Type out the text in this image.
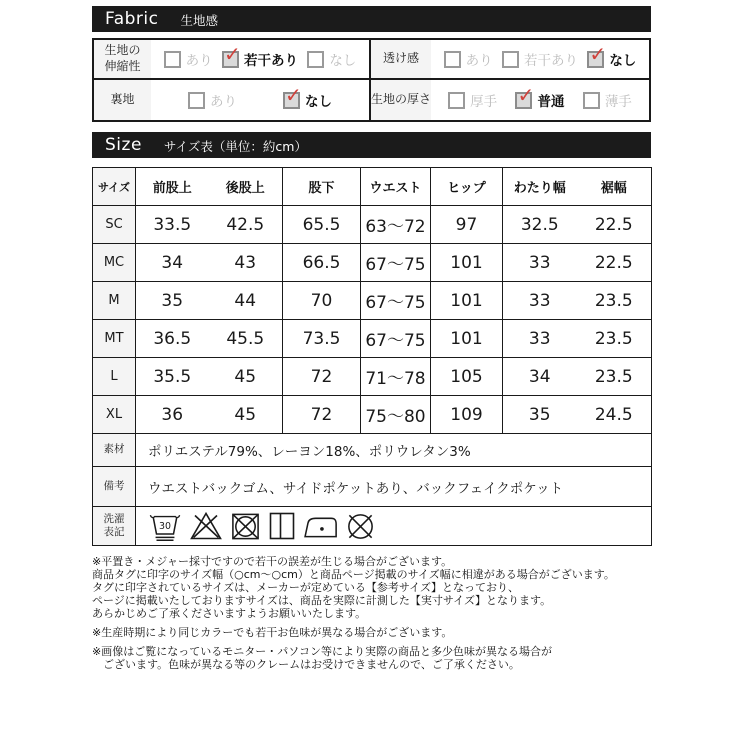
Fabric 生地感
生地の
伸縮性	あり ✓ 若干あり なし 透け感	あり 若干あり ✓ なし
裏地	あり ✓ なし	生地の厚さ	厚手 ✓ 普通	薄手
Size サイズ表（単位：約cm）
サイズ	前股上	後股上	股下	ウエスト	ヒップ	わたり幅	裾幅
SC	33.5	42.5	65.5	63～72	97	32.5	22.5
MC	34	43	66.5	67～75	101	33	22.5
M	35	44	70	67～75	101	33	23.5
MT	36.5	45.5	73.5	67～75	101	33	23.5
L	35.5	45	72	71～78	105	34	23.5
XL	36	45	72	75～80	109	35	24.5
素材	ポリエステル79%、レーヨン18%、ポリウレタン3%						
備考	ウエストバックゴム、サイドポケットあり、バックフェイクポケット						
洗濯
表記	30						

※平置き・メジャー採寸ですので若干の誤差が生じる場合がございます。
商品タグに印字のサイズ幅（○cm～○cm）と商品ページ掲載のサイズ幅に相違がある場合がございます。
タグに印字されているサイズは、メーカーが定めている【参考サイズ】となっており、
ページに掲載いたしておりますサイズは、商品を実際に計測した【実寸サイズ】となります。
あらかじめご了承くださいますようお願いいたします。

※生産時期により同じカラーでも若干お色味が異なる場合がございます。

※画像はご覧になっているモニター・パソコン等により実際の商品と多少色味が異なる場合が
　ございます。色味が異なる等のクレームはお受けできませんので、ご了承ください。
